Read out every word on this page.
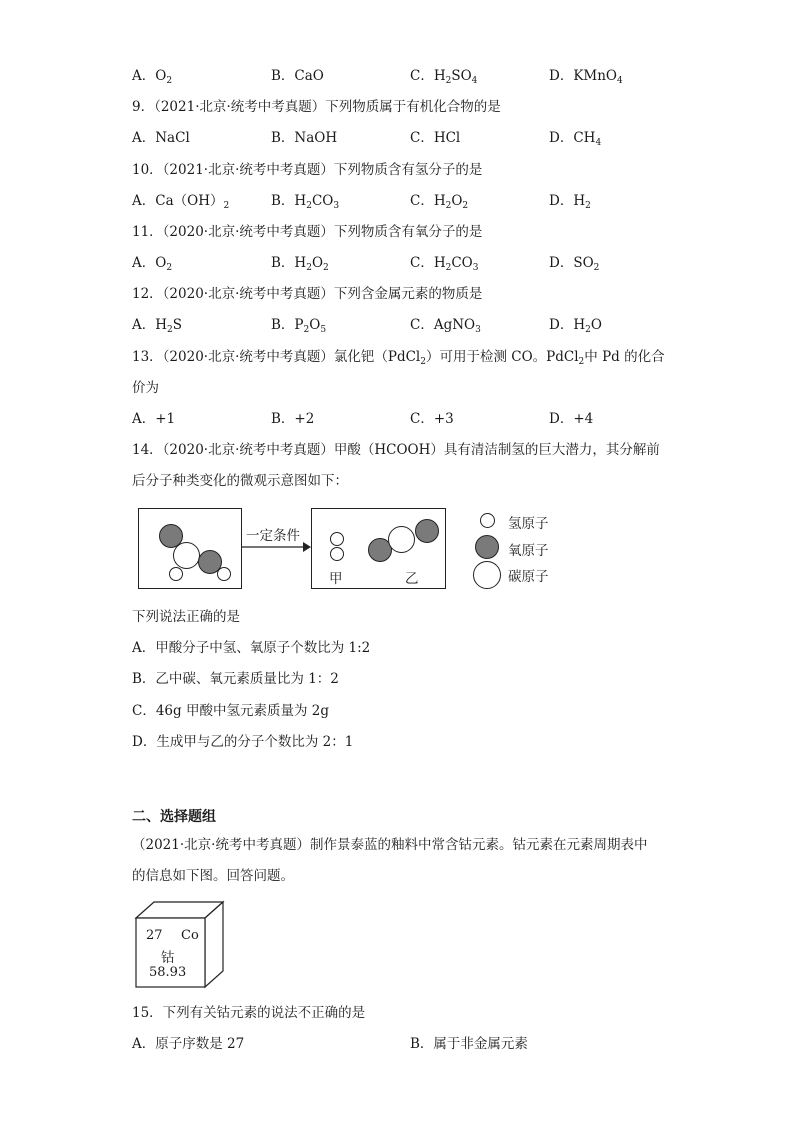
A．$O_2$	B．CaO	C．$H_2SO_4$	D．KMnO$_4$
9．（2021·北京·统考中考真题）下列物质属于有机化合物的是
A．NaCl	B．NaOH	C．HCl	D．$CH_4$
10．（2021·北京·统考中考真题）下列物质含有氢分子的是
A．$Ca(OH)_2$	B．$H_2CO_3$	C．$H_2O_2$	D．$H_2$
11．（2020·北京·统考中考真题）下列物质含有氧分子的是
A．$O_2$	B．$H_2O_2$	C．$H_2CO_3$	D．$SO_2$
12．（2020·北京·统考中考真题）下列含金属元素的物质是
A．$H_2S$	B．$P_2O_5$	C．AgNO$_3$	D．$H_2O$
13．（2020·北京·统考中考真题）氯化钯（PdCl$_2$）可用于检测 CO。PdCl$_2$中 Pd 的化合
价为
A．+1	B．+2	C．+3	D．+4
14．（2020·北京·统考中考真题）甲酸（HCOOH）具有清洁制氢的巨大潜力，其分解前
后分子种类变化的微观示意图如下：
一定条件
甲	乙
氢原子
氧原子
碳原子
下列说法正确的是
A．甲酸分子中氢、氧原子个数比为 1:2
B．乙中碳、氧元素质量比为 1：2
C．46g 甲酸中氢元素质量为 2g
D．生成甲与乙的分子个数比为 2：1
二、选择题组
（2021·北京·统考中考真题）制作景泰蓝的釉料中常含钴元素。钴元素在元素周期表中
的信息如下图。回答问题。
27 Co
钴
58.93
15．下列有关钴元素的说法不正确的是
A．原子序数是 27	B．属于非金属元素
